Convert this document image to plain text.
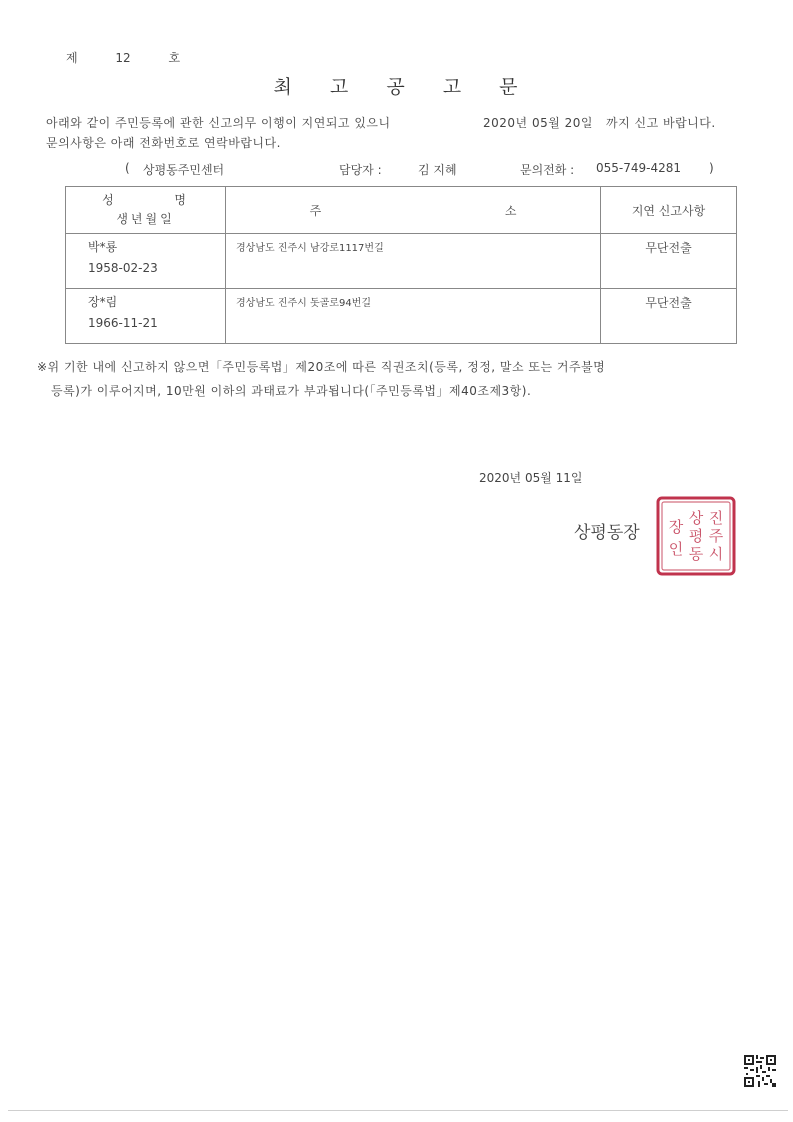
제	12	호
최 고 공 고 문
아래와 같이 주민등록에 관한 신고의무 이행이 지연되고 있으니	2020년 05월 20일 까지 신고 바랍니다.
문의사항은 아래 전화번호로 연락바랍니다.
( 상평동주민센터	담당자 :	김 지혜	문의전화 : 055-749-4281 )
성 명
생년월일	주 소	지연 신고사항

박*룡
1958-02-23	경상남도 진주시 남강로1117번길	무단전출

장*림
1966-11-21	경상남도 진주시 돗골로94번길	무단전출
※위 기한 내에 신고하지 않으면「주민등록법」제20조에 따른 직권조치(등록, 정정, 말소 또는 거주불명
등록)가 이루어지며, 10만원 이하의 과태료가 부과됩니다(「주민등록법」제40조제3항).
2020년 05월 11일
상평동장
진
주
시
상
평
동
장
인
